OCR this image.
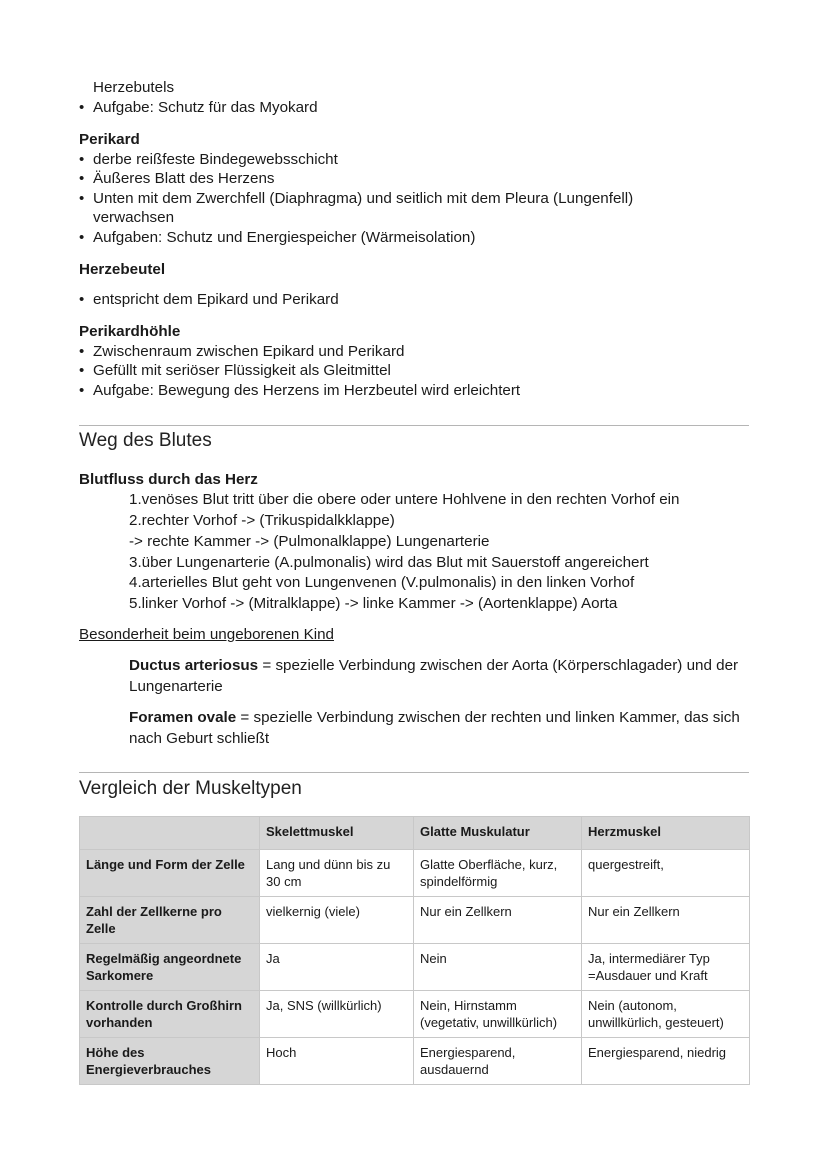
Herzebutels
• Aufgabe: Schutz für das Myokard
Perikard
• derbe reißfeste Bindegewebsschicht
• Äußeres Blatt des Herzens
• Unten mit dem Zwerchfell (Diaphragma) und seitlich mit dem Pleura (Lungenfell)
verwachsen
• Aufgaben: Schutz und Energiespeicher (Wärmeisolation)
Herzebeutel
• entspricht dem Epikard und Perikard
Perikardhöhle
• Zwischenraum zwischen Epikard und Perikard
• Gefüllt mit seriöser Flüssigkeit als Gleitmittel
• Aufgabe: Bewegung des Herzens im Herzbeutel wird erleichtert
Weg des Blutes
Blutfluss durch das Herz
1.venöses Blut tritt über die obere oder untere Hohlvene in den rechten Vorhof ein
2.rechter Vorhof -> (Trikuspidalkklappe)
-> rechte Kammer -> (Pulmonalklappe) Lungenarterie
3.über Lungenarterie (A.pulmonalis) wird das Blut mit Sauerstoff angereichert
4.arterielles Blut geht von Lungenvenen (V.pulmonalis) in den linken Vorhof
5.linker Vorhof -> (Mitralklappe) -> linke Kammer -> (Aortenklappe) Aorta
Besonderheit beim ungeborenen Kind
Ductus arteriosus = spezielle Verbindung zwischen der Aorta (Körperschlagader) und der Lungenarterie
Foramen ovale = spezielle Verbindung zwischen der rechten und linken Kammer, das sich nach Geburt schließt
Vergleich der Muskeltypen
	Skelettmuskel	Glatte Muskulatur	Herzmuskel
Länge und Form der Zelle	Lang und dünn bis zu 30 cm	Glatte Oberfläche, kurz, spindelförmig	quergestreift,
Zahl der Zellkerne pro Zelle	vielkernig (viele)	Nur ein Zellkern	Nur ein Zellkern
Regelmäßig angeordnete Sarkomere	Ja	Nein	Ja, intermediärer Typ =Ausdauer und Kraft
Kontrolle durch Großhirn vorhanden	Ja, SNS (willkürlich)	Nein, Hirnstamm (vegetativ, unwillkürlich)	Nein (autonom, unwillkürlich, gesteuert)
Höhe des Energieverbrauches	Hoch	Energiesparend, ausdauernd	Energiesparend, niedrig
